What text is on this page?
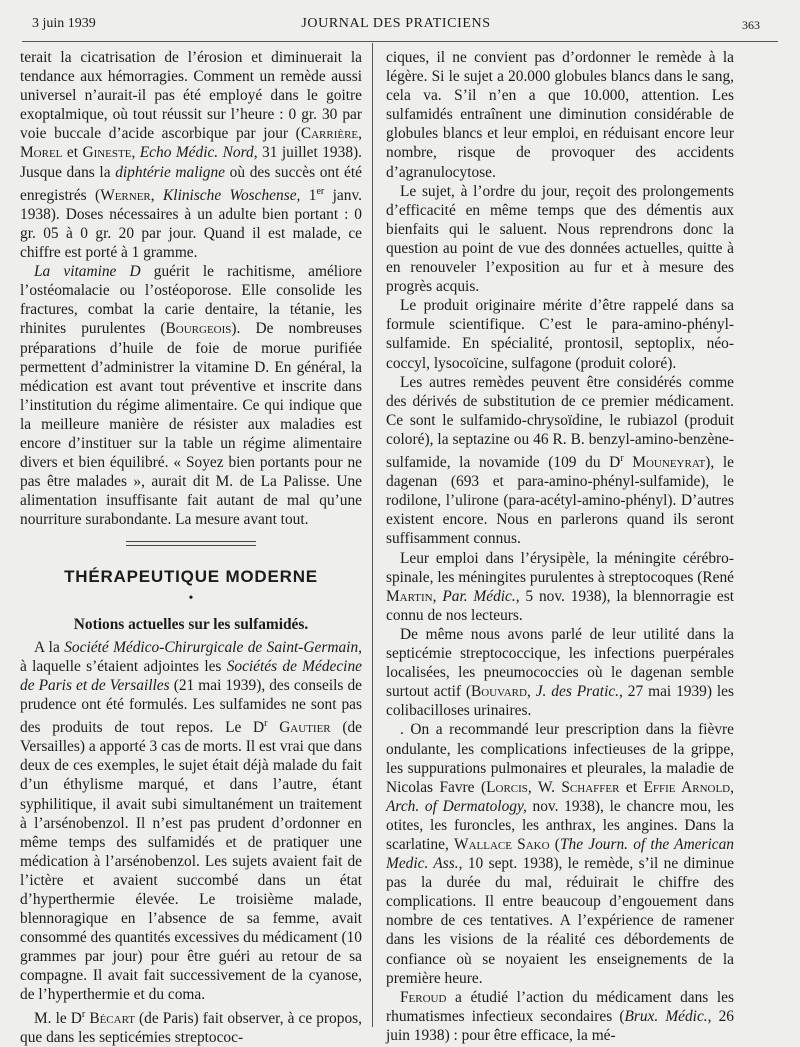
3 juin 1939	JOURNAL DES PRATICIENS	363

terait la cicatrisation de l’érosion et diminuerait la tendance aux hémorragies. Comment un remède aussi universel n’aurait-il pas été employé dans le goitre exoptalmique, où tout réussit sur l’heure : 0 gr. 30 par voie buccale d’acide ascorbique par jour (Carrière, Morel et Gineste, Echo Médic. Nord, 31 juillet 1938). Jusque dans la diphtérie maligne où des succès ont été enregistrés (Werner, Klinische Woschense, 1er janv. 1938). Doses nécessaires à un adulte bien portant : 0 gr. 05 à 0 gr. 20 par jour. Quand il est malade, ce chiffre est porté à 1 gramme.

La vitamine D guérit le rachitisme, améliore l’ostéomalacie ou l’ostéoporose. Elle consolide les fractures, combat la carie dentaire, la tétanie, les rhinites purulentes (Bourgeois). De nombreuses préparations d’huile de foie de morue purifiée permettent d’administrer la vitamine D. En général, la médication est avant tout préventive et inscrite dans l’institution du régime alimentaire. Ce qui indique que la meilleure manière de résister aux maladies est encore d’instituer sur la table un régime alimentaire divers et bien équilibré. « Soyez bien portants pour ne pas être malades », aurait dit M. de La Palisse. Une alimentation insuffisante fait autant de mal qu’une nourriture surabondante. La mesure avant tout.

THÉRAPEUTIQUE MODERNE
•
Notions actuelles sur les sulfamidés.

A la Société Médico-Chirurgicale de Saint-Germain, à laquelle s’étaient adjointes les Sociétés de Médecine de Paris et de Versailles (21 mai 1939), des conseils de prudence ont été formulés. Les sulfamides ne sont pas des produits de tout repos. Le $D^r$ Gautier (de Versailles) a apporté 3 cas de morts. Il est vrai que dans deux de ces exemples, le sujet était déjà malade du fait d’un éthylisme marqué, et dans l’autre, étant syphilitique, il avait subi simultanément un traitement à l’arsénobenzol. Il n’est pas prudent d’ordonner en même temps des sulfamidés et de pratiquer une médication à l’arsénobenzol. Les sujets avaient fait de l’ictère et avaient succombé dans un état d’hyperthermie élevée. Le troisième malade, blennoragique en l’absence de sa femme, avait consommé des quantités excessives du médicament (10 grammes par jour) pour être guéri au retour de sa compagne. Il avait fait successivement de la cyanose, de l’hyperthermie et du coma.

M. le $D^r$ Bécart (de Paris) fait observer, à ce propos, que dans les septicémies streptococ-

ciques, il ne convient pas d’ordonner le remède à la légère. Si le sujet a 20.000 globules blancs dans le sang, cela va. S’il n’en a que 10.000, attention. Les sulfamidés entraînent une diminution considérable de globules blancs et leur emploi, en réduisant encore leur nombre, risque de provoquer des accidents d’agranulocytose.

Le sujet, à l’ordre du jour, reçoit des prolongements d’efficacité en même temps que des démentis aux bienfaits qui le saluent. Nous reprendrons donc la question au point de vue des données actuelles, quitte à en renouveler l’exposition au fur et à mesure des progrès acquis.

Le produit originaire mérite d’être rappelé dans sa formule scientifique. C’est le para-amino-phényl-sulfamide. En spécialité, prontosil, septoplix, néo-coccyl, lysocoïcine, sulfagone (produit coloré).

Les autres remèdes peuvent être considérés comme des dérivés de substitution de ce premier médicament. Ce sont le sulfamido-chrysoïdine, le rubiazol (produit coloré), la septazine ou 46 R. B. benzyl-amino-benzène-sulfamide, la novamide (109 du $D^r$ Mouneyrat), le dagenan (693 et para-amino-phényl-sulfamide), le rodilone, l’ulirone (para-acétyl-amino-phényl). D’autres existent encore. Nous en parlerons quand ils seront suffisamment connus.

Leur emploi dans l’érysipèle, la méningite cérébro-spinale, les méningites purulentes à streptocoques (René Martin, Par. Médic., 5 nov. 1938), la blennorragie est connu de nos lecteurs.

De même nous avons parlé de leur utilité dans la septicémie streptococcique, les infections puerpérales localisées, les pneumococcies où le dagenan semble surtout actif (Bouvard, J. des Pratic., 27 mai 1939) les colibacilloses urinaires.

. On a recommandé leur prescription dans la fièvre ondulante, les complications infectieuses de la grippe, les suppurations pulmonaires et pleurales, la maladie de Nicolas Favre (Lorcis, W. Schaffer et Effie Arnold, Arch. of Dermatology, nov. 1938), le chancre mou, les otites, les furoncles, les anthrax, les angines. Dans la scarlatine, Wallace Sako (The Journ. of the American Medic. Ass., 10 sept. 1938), le remède, s’il ne diminue pas la durée du mal, réduirait le chiffre des complications. Il entre beaucoup d’engouement dans nombre de ces tentatives. A l’expérience de ramener dans les visions de la réalité ces débordements de confiance où se noyaient les enseignements de la première heure.

Feroud a étudié l’action du médicament dans les rhumatismes infectieux secondaires (Brux. Médic., 26 juin 1938) : pour être efficace, la mé-
